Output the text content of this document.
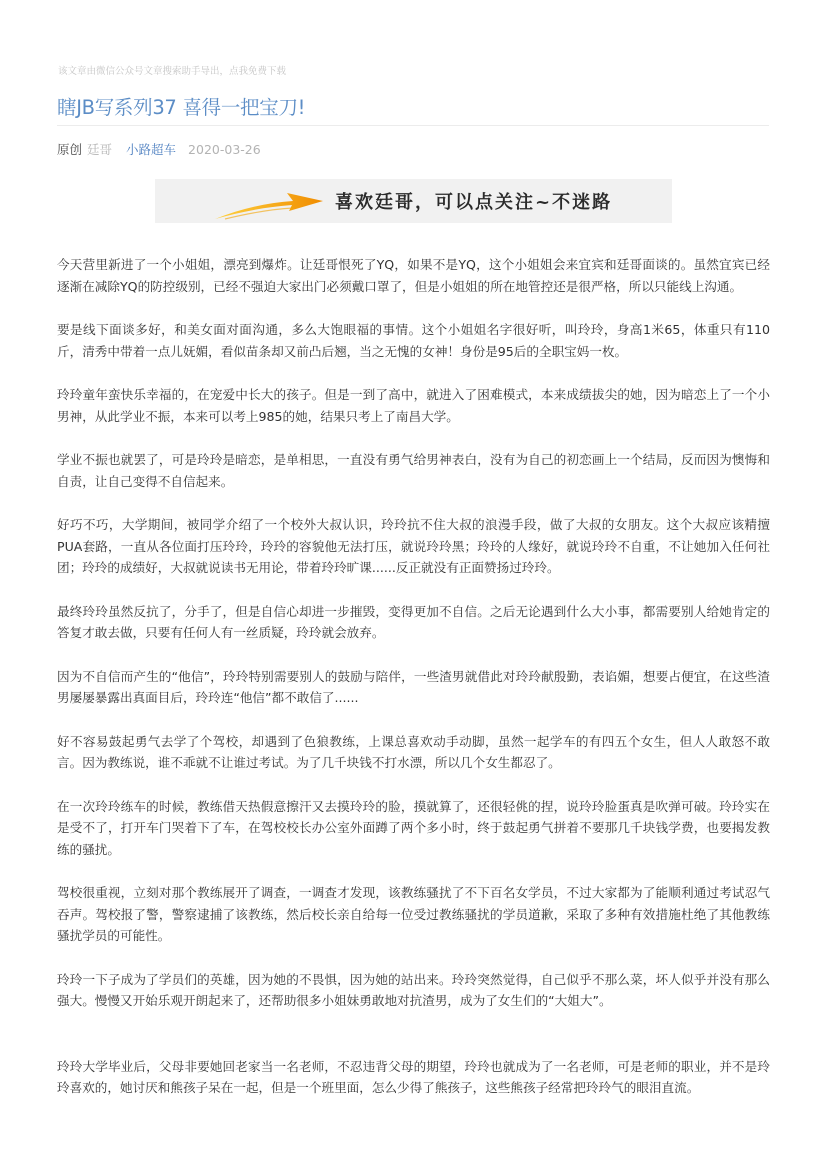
该文章由微信公众号文章搜索助手导出，点我免费下载
瞎JB写系列37 喜得一把宝刀!
原创 廷哥 小路超车 2020-03-26
喜欢廷哥，可以点关注~不迷路

今天营里新进了一个小姐姐，漂亮到爆炸。让廷哥恨死了YQ，如果不是YQ，这个小姐姐会来宜宾和廷哥面谈的。虽然宜宾已经逐渐在减除YQ的防控级别，已经不强迫大家出门必须戴口罩了，但是小姐姐的所在地管控还是很严格，所以只能线上沟通。

要是线下面谈多好，和美女面对面沟通，多么大饱眼福的事情。这个小姐姐名字很好听，叫玲玲，身高1米65，体重只有110斤，清秀中带着一点儿妩媚，看似苗条却又前凸后翘，当之无愧的女神！身份是95后的全职宝妈一枚。

玲玲童年蛮快乐幸福的，在宠爱中长大的孩子。但是一到了高中，就进入了困难模式，本来成绩拔尖的她，因为暗恋上了一个小男神，从此学业不振，本来可以考上985的她，结果只考上了南昌大学。

学业不振也就罢了，可是玲玲是暗恋，是单相思，一直没有勇气给男神表白，没有为自己的初恋画上一个结局，反而因为懊悔和自责，让自己变得不自信起来。

好巧不巧，大学期间，被同学介绍了一个校外大叔认识，玲玲抗不住大叔的浪漫手段，做了大叔的女朋友。这个大叔应该精擅PUA套路，一直从各位面打压玲玲，玲玲的容貌他无法打压，就说玲玲黑；玲玲的人缘好，就说玲玲不自重，不让她加入任何社团；玲玲的成绩好，大叔就说读书无用论，带着玲玲旷课......反正就没有正面赞扬过玲玲。

最终玲玲虽然反抗了，分手了，但是自信心却进一步摧毁，变得更加不自信。之后无论遇到什么大小事，都需要别人给她肯定的答复才敢去做，只要有任何人有一丝质疑，玲玲就会放弃。

因为不自信而产生的“他信”，玲玲特别需要别人的鼓励与陪伴，一些渣男就借此对玲玲献殷勤，表谄媚，想要占便宜，在这些渣男屡屡暴露出真面目后，玲玲连“他信”都不敢信了......

好不容易鼓起勇气去学了个驾校，却遇到了色狼教练，上课总喜欢动手动脚，虽然一起学车的有四五个女生，但人人敢怒不敢言。因为教练说，谁不乖就不让谁过考试。为了几千块钱不打水漂，所以几个女生都忍了。

在一次玲玲练车的时候，教练借天热假意擦汗又去摸玲玲的脸，摸就算了，还很轻佻的捏，说玲玲脸蛋真是吹弹可破。玲玲实在是受不了，打开车门哭着下了车，在驾校校长办公室外面蹲了两个多小时，终于鼓起勇气拼着不要那几千块钱学费，也要揭发教练的骚扰。

驾校很重视，立刻对那个教练展开了调查，一调查才发现，该教练骚扰了不下百名女学员，不过大家都为了能顺利通过考试忍气吞声。驾校报了警，警察逮捕了该教练，然后校长亲自给每一位受过教练骚扰的学员道歉，采取了多种有效措施杜绝了其他教练骚扰学员的可能性。

玲玲一下子成为了学员们的英雄，因为她的不畏惧，因为她的站出来。玲玲突然觉得，自己似乎不那么菜，坏人似乎并没有那么强大。慢慢又开始乐观开朗起来了，还帮助很多小姐妹勇敢地对抗渣男，成为了女生们的“大姐大”。

玲玲大学毕业后，父母非要她回老家当一名老师，不忍违背父母的期望，玲玲也就成为了一名老师，可是老师的职业，并不是玲玲喜欢的，她讨厌和熊孩子呆在一起，但是一个班里面，怎么少得了熊孩子，这些熊孩子经常把玲玲气的眼泪直流。
